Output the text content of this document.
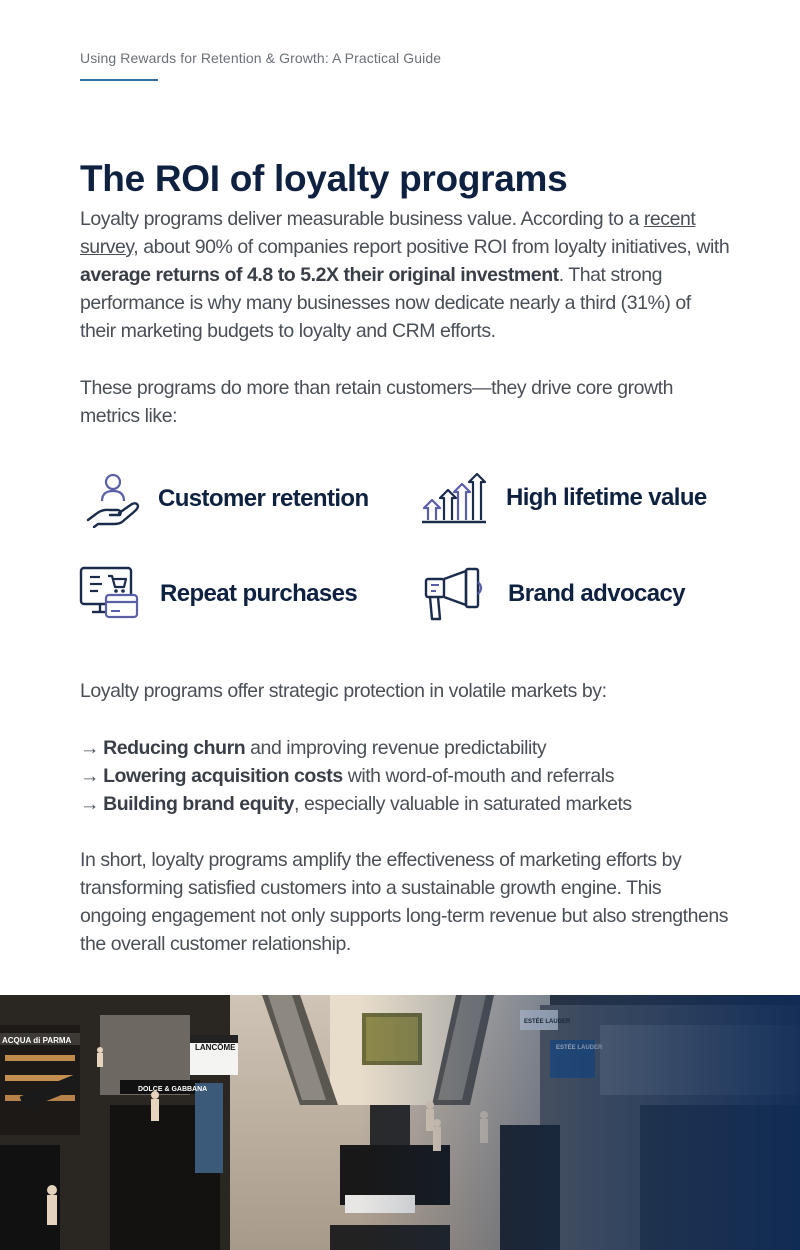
Using Rewards for Retention & Growth: A Practical Guide
The ROI of loyalty programs

Loyalty programs deliver measurable business value. According to a recent survey, about 90% of companies report positive ROI from loyalty initiatives, with average returns of 4.8 to 5.2X their original investment. That strong performance is why many businesses now dedicate nearly a third (31%) of their marketing budgets to loyalty and CRM efforts.

These programs do more than retain customers—they drive core growth metrics like:

Customer retention	High lifetime value
Repeat purchases	Brand advocacy

Loyalty programs offer strategic protection in volatile markets by:

→ Reducing churn and improving revenue predictability
→ Lowering acquisition costs with word-of-mouth and referrals
→ Building brand equity, especially valuable in saturated markets

In short, loyalty programs amplify the effectiveness of marketing efforts by transforming satisfied customers into a sustainable growth engine. This ongoing engagement not only supports long-term revenue but also strengthens the overall customer relationship.
